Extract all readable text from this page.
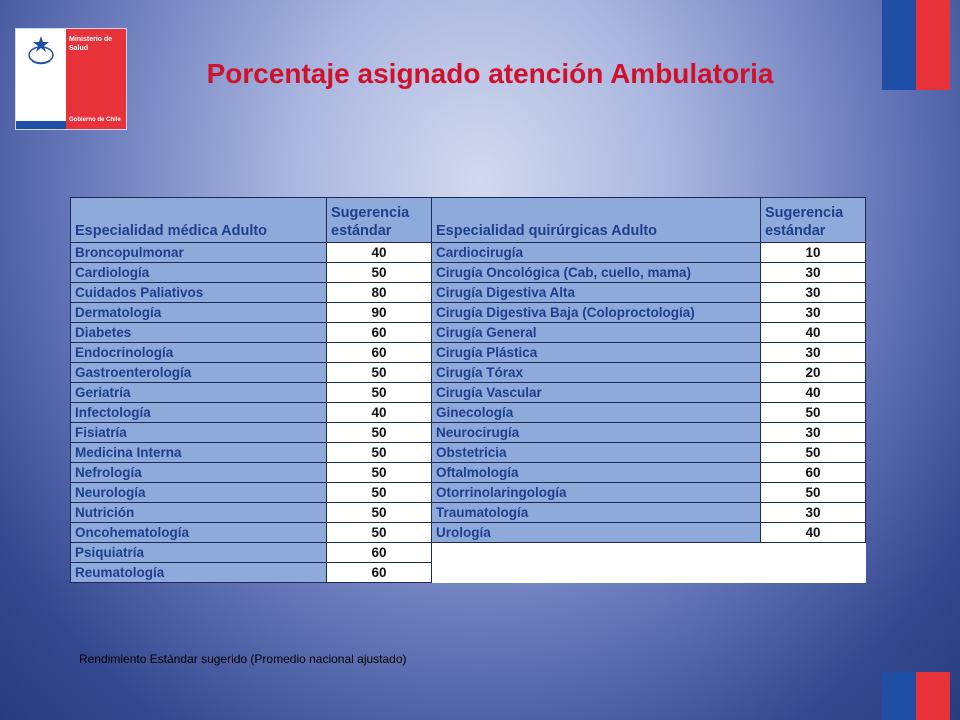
Ministerio de
Salud
Gobierno de Chile
Porcentaje asignado atención Ambulatoria
Especialidad médica Adulto	Sugerencia estándar	Especialidad quirúrgicas Adulto	Sugerencia estándar
Broncopulmonar	40	Cardiocirugía	10
Cardiología	50	Cirugía Oncológica (Cab, cuello, mama)	30
Cuidados Paliativos	80	Cirugía Digestiva Alta	30
Dermatología	90	Cirugía Digestiva Baja (Coloproctología)	30
Diabetes	60	Cirugía General	40
Endocrinología	60	Cirugía Plástica	30
Gastroenterología	50	Cirugía Tórax	20
Geriatría	50	Cirugía Vascular	40
Infectología	40	Ginecología	50
Fisiatría	50	Neurocirugía	30
Medicina Interna	50	Obstetricia	50
Nefrología	50	Oftalmología	60
Neurología	50	Otorrinolaringología	50
Nutrición	50	Traumatología	30
Oncohematología	50	Urología	40
Psiquiatría	60		
Reumatología	60		
Rendimiento Estándar sugerido (Promedio nacional ajustado)
